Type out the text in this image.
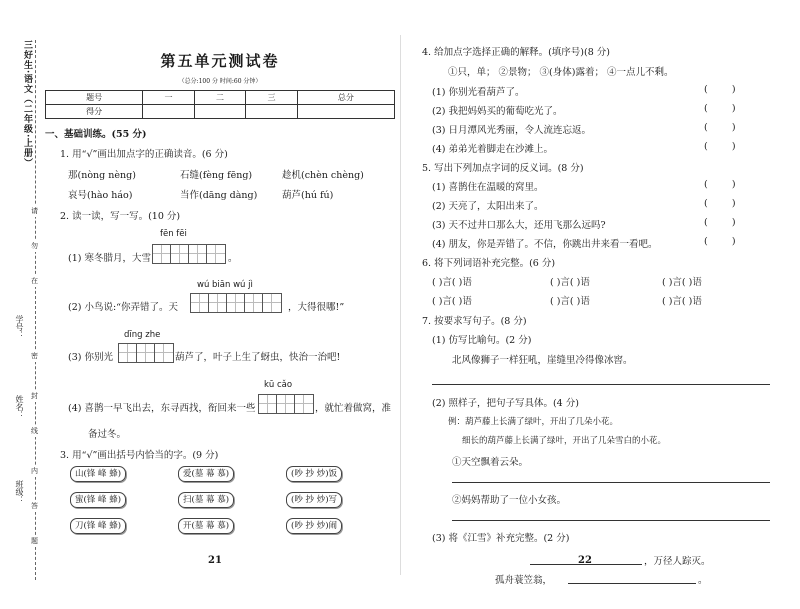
三好生·语文（二年级·上册）
请
勿
在
密
封
线
内
答
题
班级：
姓名：
学号：
第五单元测试卷
（总分:100 分 时间:60 分钟）
题号	一	二	三	总分
得分				
一、基础训练。(55 分)
1. 用“√”画出加点字的正确读音。(6 分)
那(nòng nèng)	石缝(fèng fēng)	趁机(chèn chèng)
哀号(hào háo)	当作(dāng dàng)	葫芦(hú fú)
2. 读一读，写一写。(10 分)
fēn fēi
(1) 寒冬腊月，大雪	。
wú biān wú jì
(2) 小鸟说:“你弄错了。天	，大得很哪!”
dīng zhe
(3) 你别光	葫芦了，叶子上生了蚜虫，快治一治吧!
kū cǎo
(4) 喜鹊一早飞出去，东寻西找，衔回来一些	，就忙着做窝，准
备过冬。
3. 用“√”画出括号内恰当的字。(9 分)
山(锋 峰 蜂)	爱(墓 幕 慕)	(吵 抄 炒)饭
蜜(锋 峰 蜂)	扫(墓 幕 慕)	(吵 抄 炒)写
刀(锋 峰 蜂)	开(墓 幕 慕)	(吵 抄 炒)闹
21
4. 给加点字选择正确的解释。(填序号)(8 分)
①只，单； ②景物； ③(身体)露着； ④一点儿不剩。
(1) 你别光看葫芦了。	(        )
(2) 我把妈妈买的葡萄吃光了。	(        )
(3) 日月潭风光秀丽，令人流连忘返。	(        )
(4) 弟弟光着脚走在沙滩上。	(        )
5. 写出下列加点字词的反义词。(8 分)
(1) 喜鹊住在温暖的窝里。	(        )
(2) 天亮了，太阳出来了。	(        )
(3) 天不过井口那么大，还用飞那么远吗?	(        )
(4) 朋友，你是弄错了。不信，你跳出井来看一看吧。	(        )
6. 将下列词语补充完整。(6 分)
( )言( )语	( )言( )语	( )言( )语
( )言( )语	( )言( )语	( )言( )语
7. 按要求写句子。(8 分)
(1) 仿写比喻句。(2 分)
北风像狮子一样狂吼，崖缝里冷得像冰窖。
(2) 照样子，把句子写具体。(4 分)
例：葫芦藤上长满了绿叶，开出了几朵小花。
细长的葫芦藤上长满了绿叶，开出了几朵雪白的小花。
①天空飘着云朵。
②妈妈帮助了一位小女孩。
(3) 将《江雪》补充完整。(2 分)
，万径人踪灭。
孤舟蓑笠翁，	。
22
